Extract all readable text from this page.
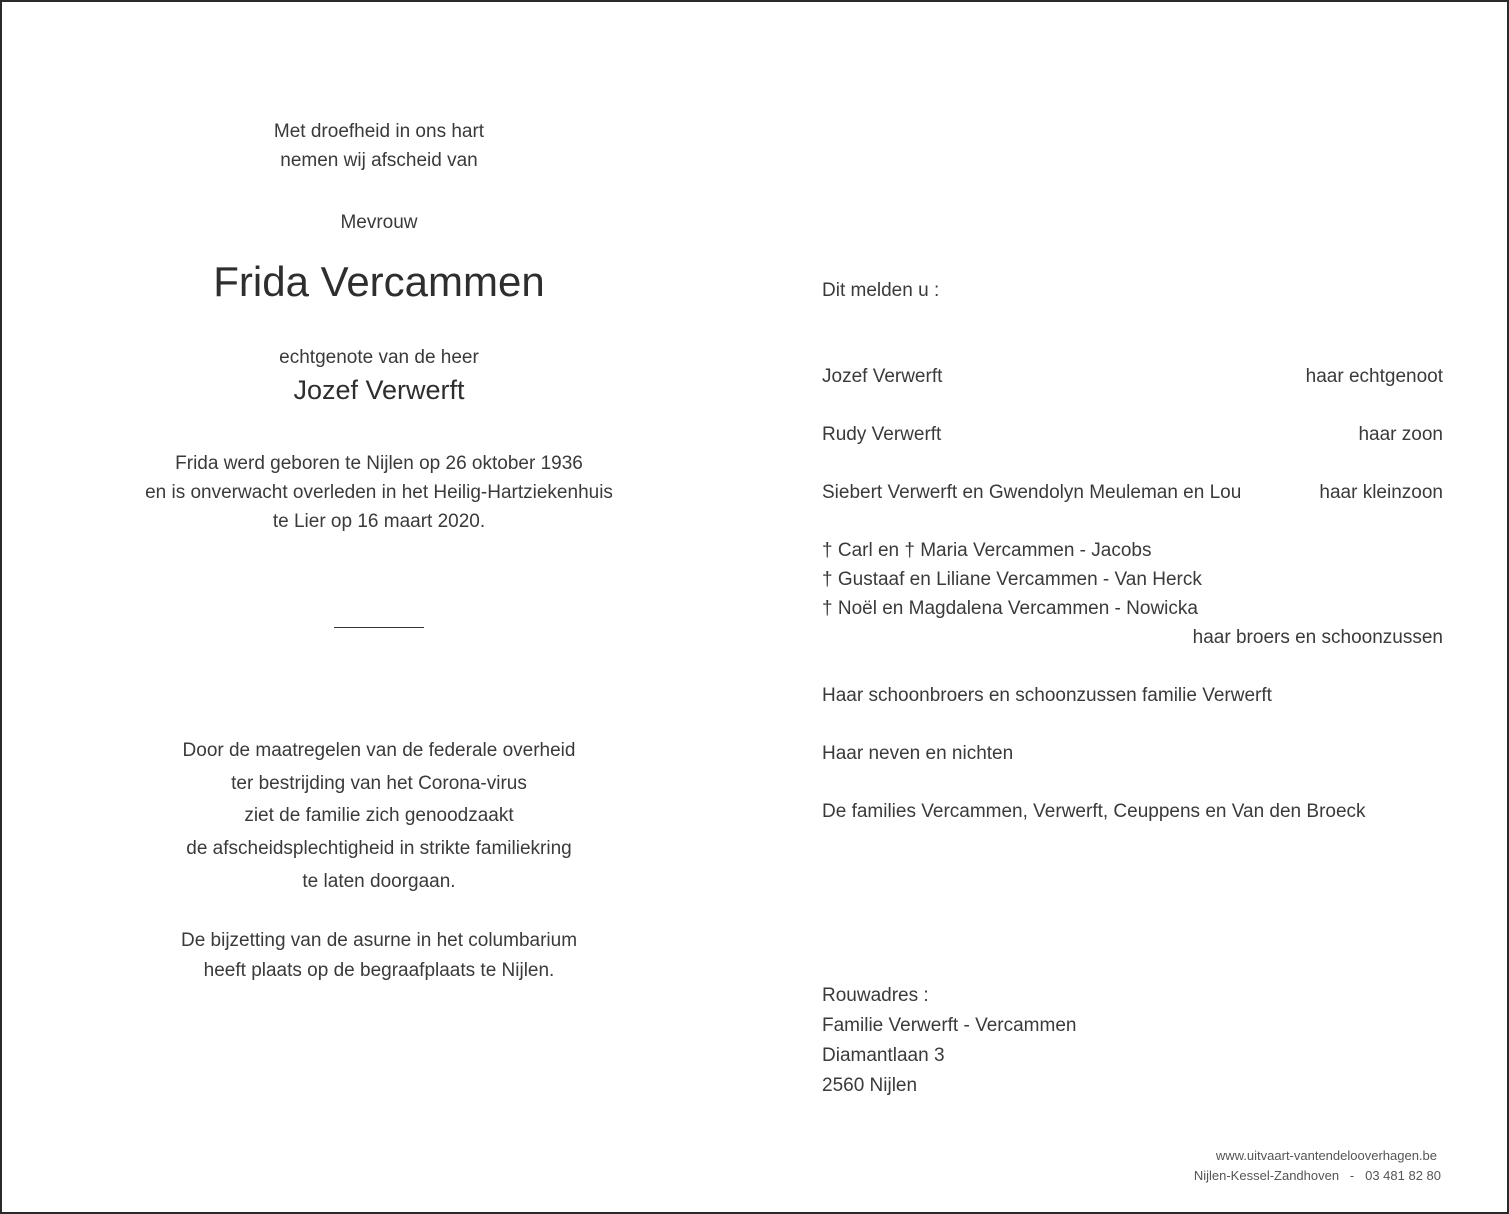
Met droefheid in ons hart
nemen wij afscheid van
Mevrouw
Frida Vercammen
echtgenote van de heer
Jozef Verwerft
Frida werd geboren te Nijlen op 26 oktober 1936
en is onverwacht overleden in het Heilig-Hartziekenhuis
te Lier op 16 maart 2020.
Door de maatregelen van de federale overheid
ter bestrijding van het Corona-virus
ziet de familie zich genoodzaakt
de afscheidsplechtigheid in strikte familiekring
te laten doorgaan.
De bijzetting van de asurne in het columbarium
heeft plaats op de begraafplaats te Nijlen.
Dit melden u :
Jozef Verwerft	haar echtgenoot
Rudy Verwerft	haar zoon
Siebert Verwerft en Gwendolyn Meuleman en Lou	haar kleinzoon
† Carl en † Maria Vercammen - Jacobs
† Gustaaf en Liliane Vercammen - Van Herck
† Noël en Magdalena Vercammen - Nowicka
haar broers en schoonzussen
Haar schoonbroers en schoonzussen familie Verwerft
Haar neven en nichten
De families Vercammen, Verwerft, Ceuppens en Van den Broeck
Rouwadres :
Familie Verwerft - Vercammen
Diamantlaan 3
2560 Nijlen
www.uitvaart-vantendelooverhagen.be
Nijlen-Kessel-Zandhoven   -   03 481 82 80
